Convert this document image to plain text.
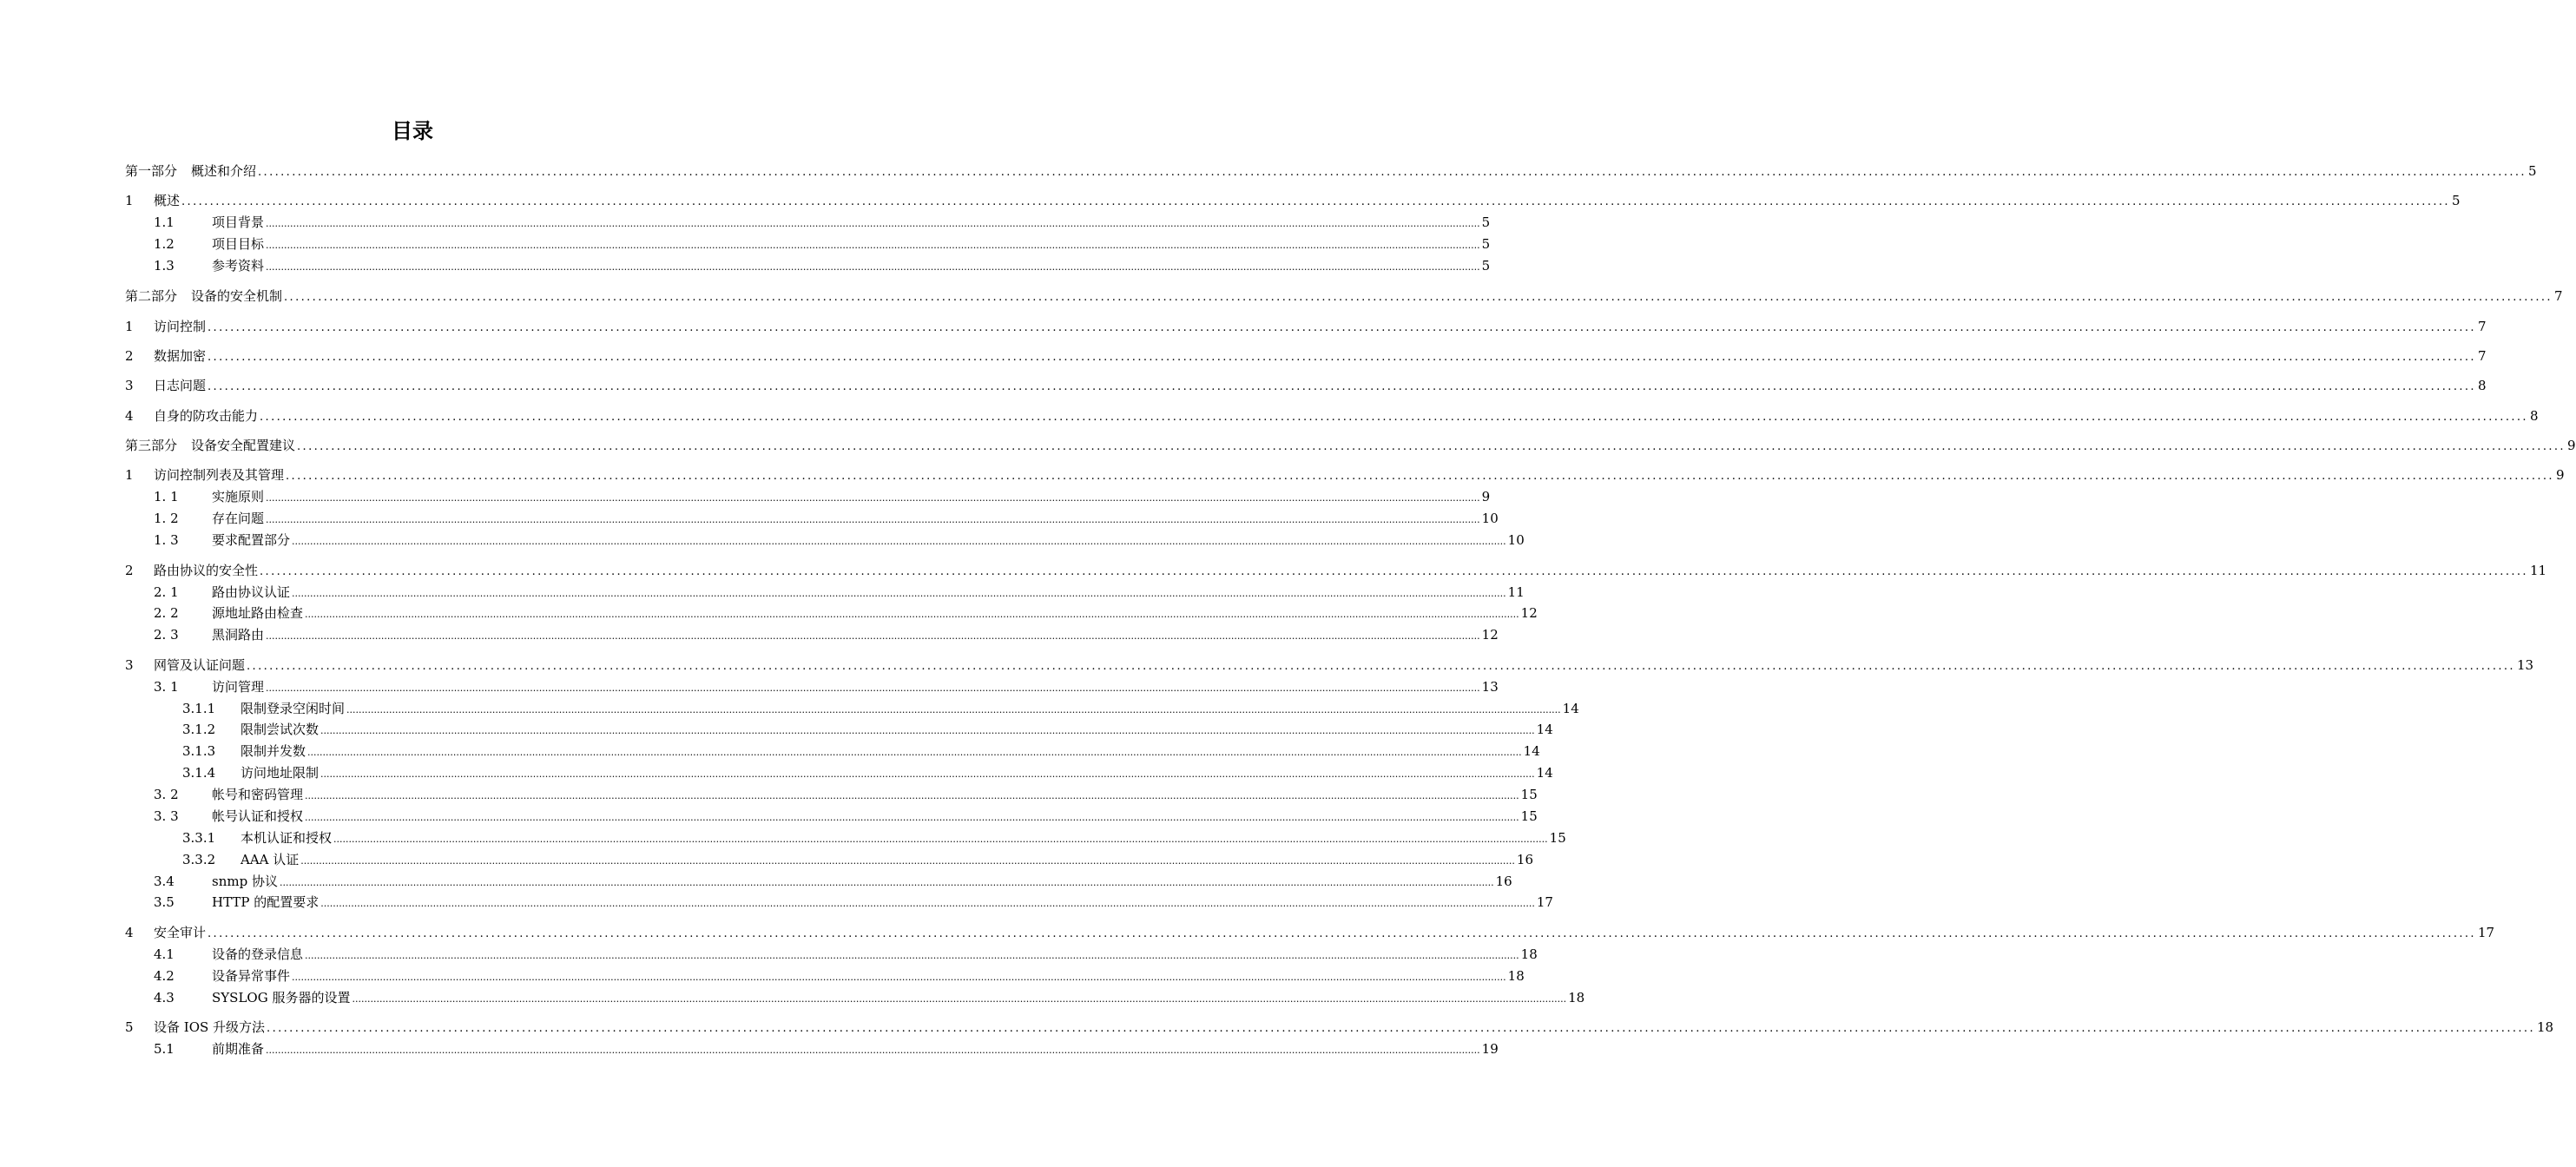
目录
第一部分 概述和介绍 ................................................................................................................................................................................................................................................................................................................................................................................................................ 5
1 概述 ................................................................................................................................................................................................................................................................................................................................................................................................................ 5
1.1	项目背景 ................................................................................................................................................................................................................................................................................................................................................................................................................ 5
1.2	项目目标 ................................................................................................................................................................................................................................................................................................................................................................................................................ 5
1.3	参考资料 ................................................................................................................................................................................................................................................................................................................................................................................................................ 5
第二部分 设备的安全机制 ................................................................................................................................................................................................................................................................................................................................................................................................................ 7
1 访问控制 ................................................................................................................................................................................................................................................................................................................................................................................................................ 7
2 数据加密 ................................................................................................................................................................................................................................................................................................................................................................................................................ 7
3 日志问题 ................................................................................................................................................................................................................................................................................................................................................................................................................ 8
4 自身的防攻击能力 ................................................................................................................................................................................................................................................................................................................................................................................................................ 8
第三部分 设备安全配置建议 ................................................................................................................................................................................................................................................................................................................................................................................................................ 9
1 访问控制列表及其管理 ................................................................................................................................................................................................................................................................................................................................................................................................................ 9
1. 1	实施原则 ................................................................................................................................................................................................................................................................................................................................................................................................................ 9
1. 2	存在问题 ................................................................................................................................................................................................................................................................................................................................................................................................................ 10
1. 3	要求配置部分 ................................................................................................................................................................................................................................................................................................................................................................................................................ 10
2 路由协议的安全性 ................................................................................................................................................................................................................................................................................................................................................................................................................ 11
2. 1	路由协议认证 ................................................................................................................................................................................................................................................................................................................................................................................................................ 11
2. 2	源地址路由检查 ................................................................................................................................................................................................................................................................................................................................................................................................................ 12
2. 3	黑洞路由 ................................................................................................................................................................................................................................................................................................................................................................................................................ 12
3 网管及认证问题 ................................................................................................................................................................................................................................................................................................................................................................................................................ 13
3. 1	访问管理 ................................................................................................................................................................................................................................................................................................................................................................................................................ 13
3.1.1 限制登录空闲时间 ................................................................................................................................................................................................................................................................................................................................................................................................................ 14
3.1.2 限制尝试次数 ................................................................................................................................................................................................................................................................................................................................................................................................................ 14
3.1.3 限制并发数 ................................................................................................................................................................................................................................................................................................................................................................................................................ 14
3.1.4 访问地址限制 ................................................................................................................................................................................................................................................................................................................................................................................................................ 14
3. 2	帐号和密码管理 ................................................................................................................................................................................................................................................................................................................................................................................................................ 15
3. 3	帐号认证和授权 ................................................................................................................................................................................................................................................................................................................................................................................................................ 15
3.3.1 本机认证和授权 ................................................................................................................................................................................................................................................................................................................................................................................................................ 15
3.3.2 AAA 认证 ................................................................................................................................................................................................................................................................................................................................................................................................................ 16
3.4	snmp 协议 ................................................................................................................................................................................................................................................................................................................................................................................................................ 16
3.5	HTTP 的配置要求 ................................................................................................................................................................................................................................................................................................................................................................................................................ 17
4 安全审计 ................................................................................................................................................................................................................................................................................................................................................................................................................ 17
4.1	设备的登录信息 ................................................................................................................................................................................................................................................................................................................................................................................................................ 18
4.2	设备异常事件 ................................................................................................................................................................................................................................................................................................................................................................................................................ 18
4.3	SYSLOG 服务器的设置 ................................................................................................................................................................................................................................................................................................................................................................................................................ 18
5 设备 IOS 升级方法 ................................................................................................................................................................................................................................................................................................................................................................................................................ 18
5.1	前期准备 ................................................................................................................................................................................................................................................................................................................................................................................................................ 19
